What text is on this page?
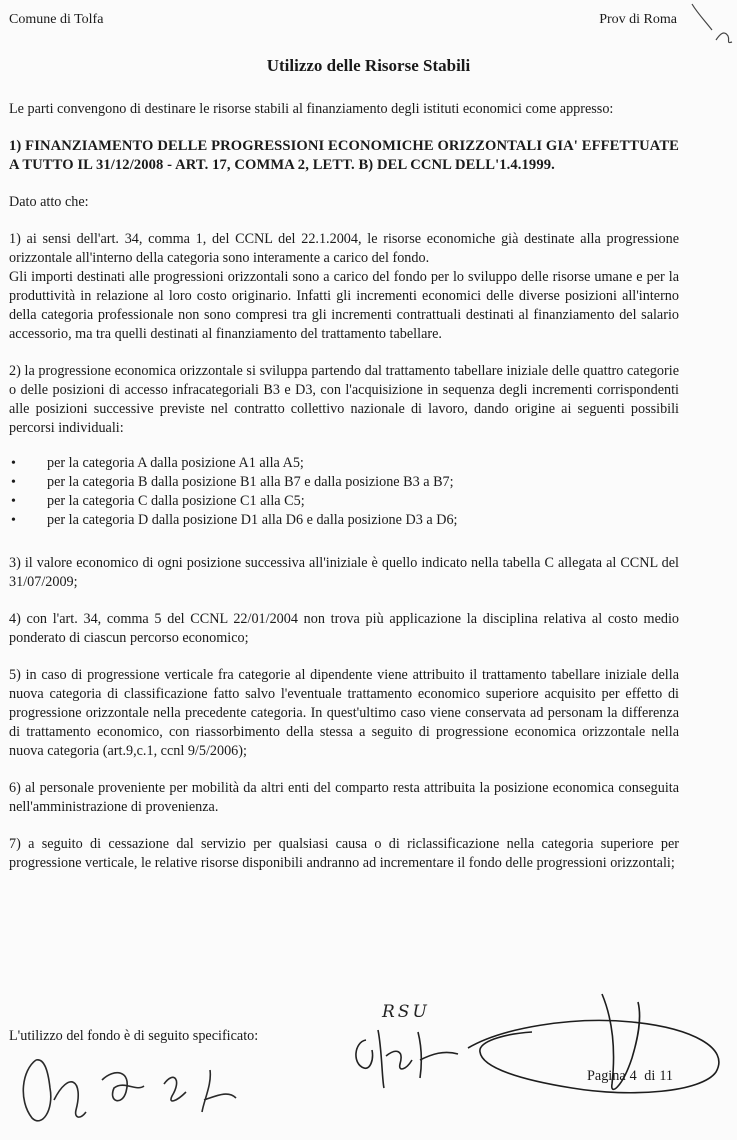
Comune di Tolfa	Prov di Roma
Utilizzo delle Risorse Stabili

Le parti convengono di destinare le risorse stabili al finanziamento degli istituti economici come appresso:

1) FINANZIAMENTO DELLE PROGRESSIONI ECONOMICHE ORIZZONTALI GIA' EFFETTUATE A TUTTO IL 31/12/2008 - ART. 17, COMMA 2, LETT. B) DEL CCNL DELL'1.4.1999.

Dato atto che:

1) ai sensi dell'art. 34, comma 1, del CCNL del 22.1.2004, le risorse economiche già destinate alla progressione orizzontale all'interno della categoria sono interamente a carico del fondo.
Gli importi destinati alle progressioni orizzontali sono a carico del fondo per lo sviluppo delle risorse umane e per la produttività in relazione al loro costo originario. Infatti gli incrementi economici delle diverse posizioni all'interno della categoria professionale non sono compresi tra gli incrementi contrattuali destinati al finanziamento del salario accessorio, ma tra quelli destinati al finanziamento del trattamento tabellare.

2) la progressione economica orizzontale si sviluppa partendo dal trattamento tabellare iniziale delle quattro categorie o delle posizioni di accesso infracategoriali B3 e D3, con l'acquisizione in sequenza degli incrementi corrispondenti alle posizioni successive previste nel contratto collettivo nazionale di lavoro, dando origine ai seguenti possibili percorsi individuali:

• per la categoria A dalla posizione A1 alla A5;
• per la categoria B dalla posizione B1 alla B7 e dalla posizione B3 a B7;
• per la categoria C dalla posizione C1 alla C5;
• per la categoria D dalla posizione D1 alla D6 e dalla posizione D3 a D6;

3) il valore economico di ogni posizione successiva all'iniziale è quello indicato nella tabella C allegata al CCNL del 31/07/2009;

4) con l'art. 34, comma 5 del CCNL 22/01/2004 non trova più applicazione la disciplina relativa al costo medio ponderato di ciascun percorso economico;

5) in caso di progressione verticale fra categorie al dipendente viene attribuito il trattamento tabellare iniziale della nuova categoria di classificazione fatto salvo l'eventuale trattamento economico superiore acquisito per effetto di progressione orizzontale nella precedente categoria. In quest'ultimo caso viene conservata ad personam la differenza di trattamento economico, con riassorbimento della stessa a seguito di progressione economica orizzontale nella nuova categoria (art.9,c.1, ccnl 9/5/2006);

6) al personale proveniente per mobilità da altri enti del comparto resta attribuita la posizione economica conseguita nell'amministrazione di provenienza.

7) a seguito di cessazione dal servizio per qualsiasi causa o di riclassificazione nella categoria superiore per progressione verticale, le relative risorse disponibili andranno ad incrementare il fondo delle progressioni orizzontali;

L'utilizzo del fondo è di seguito specificato:
RSU
Pagina 4 di 11
